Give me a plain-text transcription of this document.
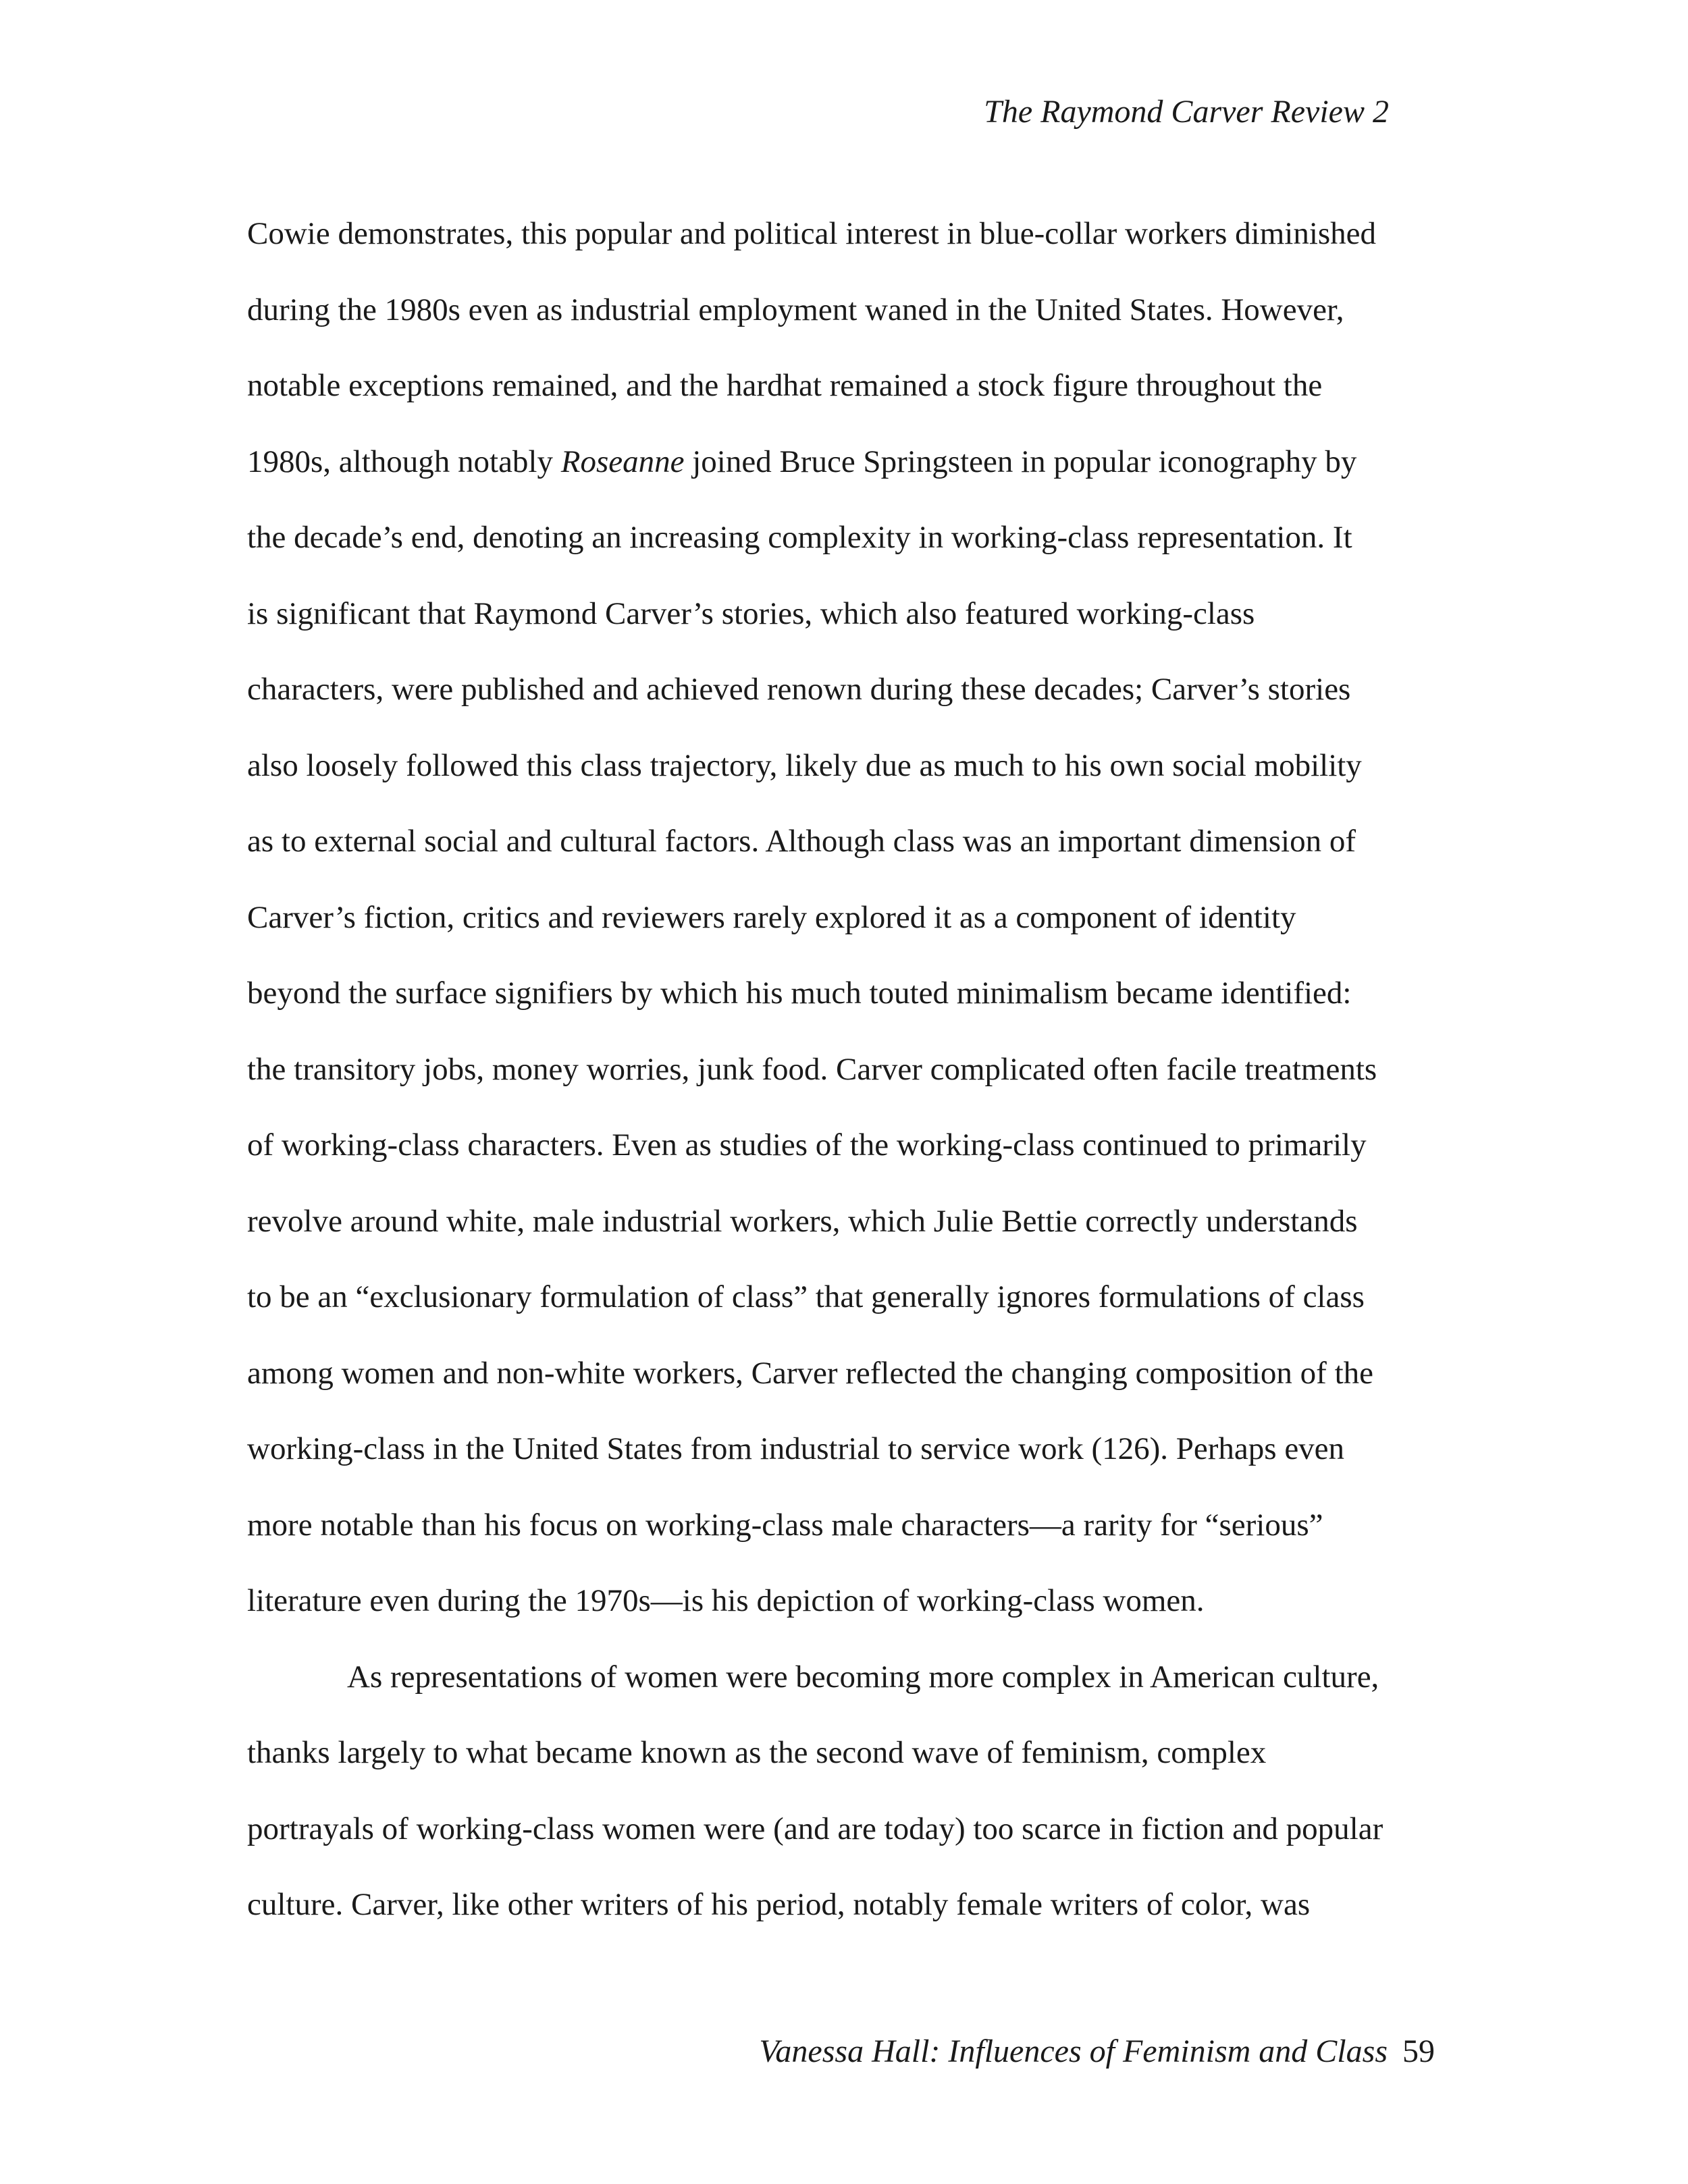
The Raymond Carver Review 2
Cowie demonstrates, this popular and political interest in blue-collar workers diminished
during the 1980s even as industrial employment waned in the United States. However,
notable exceptions remained, and the hardhat remained a stock figure throughout the
1980s, although notably Roseanne joined Bruce Springsteen in popular iconography by
the decade’s end, denoting an increasing complexity in working-class representation. It
is significant that Raymond Carver’s stories, which also featured working-class
characters, were published and achieved renown during these decades; Carver’s stories
also loosely followed this class trajectory, likely due as much to his own social mobility
as to external social and cultural factors. Although class was an important dimension of
Carver’s fiction, critics and reviewers rarely explored it as a component of identity
beyond the surface signifiers by which his much touted minimalism became identified:
the transitory jobs, money worries, junk food. Carver complicated often facile treatments
of working-class characters. Even as studies of the working-class continued to primarily
revolve around white, male industrial workers, which Julie Bettie correctly understands
to be an “exclusionary formulation of class” that generally ignores formulations of class
among women and non-white workers, Carver reflected the changing composition of the
working-class in the United States from industrial to service work (126). Perhaps even
more notable than his focus on working-class male characters—a rarity for “serious”
literature even during the 1970s—is his depiction of working-class women.
As representations of women were becoming more complex in American culture,
thanks largely to what became known as the second wave of feminism, complex
portrayals of working-class women were (and are today) too scarce in fiction and popular
culture. Carver, like other writers of his period, notably female writers of color, was
Vanessa Hall: Influences of Feminism and Class 59
